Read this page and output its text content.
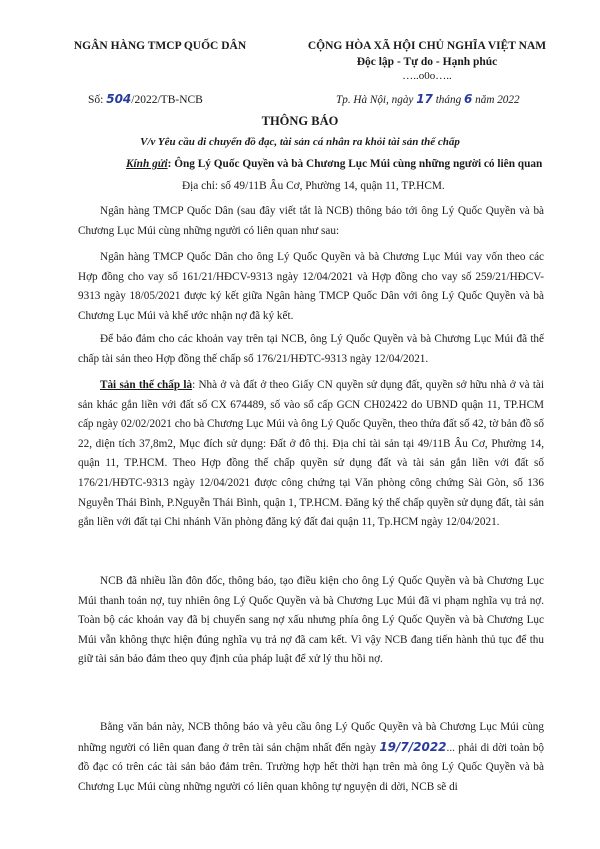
NGÂN HÀNG TMCP QUỐC DÂN	CỘNG HÒA XÃ HỘI CHỦ NGHĨA VIỆT NAM
Độc lập - Tự do - Hạnh phúc
…..o0o…..
Số: 504/2022/TB-NCB	Tp. Hà Nội, ngày 17 tháng 6 năm 2022
THÔNG BÁO
V/v Yêu cầu di chuyển đồ đạc, tài sản cá nhân ra khỏi tài sản thế chấp
Kính gửi: Ông Lý Quốc Quyền và bà Chương Lục Múi cùng những người có liên quan
Địa chỉ: số 49/11B Âu Cơ, Phường 14, quận 11, TP.HCM.
Ngân hàng TMCP Quốc Dân (sau đây viết tắt là NCB) thông báo tới ông Lý Quốc Quyền và bà Chương Lục Múi cùng những người có liên quan như sau:
Ngân hàng TMCP Quốc Dân cho ông Lý Quốc Quyền và bà Chương Lục Múi vay vốn theo các Hợp đồng cho vay số 161/21/HĐCV-9313 ngày 12/04/2021 và Hợp đồng cho vay số 259/21/HĐCV-9313 ngày 18/05/2021 được ký kết giữa Ngân hàng TMCP Quốc Dân với ông Lý Quốc Quyền và bà Chương Lục Múi và khế ước nhận nợ đã ký kết.
Để bảo đảm cho các khoản vay trên tại NCB, ông Lý Quốc Quyền và bà Chương Lục Múi đã thế chấp tài sản theo Hợp đồng thế chấp số 176/21/HĐTC-9313 ngày 12/04/2021.
Tài sản thế chấp là: Nhà ở và đất ở theo Giấy CN quyền sử dụng đất, quyền sở hữu nhà ở và tài sản khác gắn liền với đất số CX 674489, số vào sổ cấp GCN CH02422 do UBND quận 11, TP.HCM cấp ngày 02/02/2021 cho bà Chương Lục Múi và ông Lý Quốc Quyền, theo thửa đất số 42, tờ bản đồ số 22, diện tích 37,8m2, Mục đích sử dụng: Đất ở đô thị. Địa chỉ tài sản tại 49/11B Âu Cơ, Phường 14, quận 11, TP.HCM. Theo Hợp đồng thế chấp quyền sử dụng đất và tài sản gắn liền với đất số 176/21/HĐTC-9313 ngày 12/04/2021 được công chứng tại Văn phòng công chứng Sài Gòn, số 136 Nguyễn Thái Bình, P.Nguyễn Thái Bình, quận 1, TP.HCM. Đăng ký thế chấp quyền sử dụng đất, tài sản gắn liền với đất tại Chi nhánh Văn phòng đăng ký đất đai quận 11, Tp.HCM ngày 12/04/2021.
NCB đã nhiều lần đôn đốc, thông báo, tạo điều kiện cho ông Lý Quốc Quyền và bà Chương Lục Múi thanh toán nợ, tuy nhiên ông Lý Quốc Quyền và bà Chương Lục Múi đã vi phạm nghĩa vụ trả nợ. Toàn bộ các khoản vay đã bị chuyển sang nợ xấu nhưng phía ông Lý Quốc Quyền và bà Chương Lục Múi vẫn không thực hiện đúng nghĩa vụ trả nợ đã cam kết. Vì vậy NCB đang tiến hành thủ tục để thu giữ tài sản bảo đảm theo quy định của pháp luật để xử lý thu hồi nợ.
Bằng văn bản này, NCB thông báo và yêu cầu ông Lý Quốc Quyền và bà Chương Lục Múi cùng những người có liên quan đang ở trên tài sản chậm nhất đến ngày 19/7/2022... phải di dời toàn bộ đồ đạc có trên các tài sản bảo đảm trên. Trường hợp hết thời hạn trên mà ông Lý Quốc Quyền và bà Chương Lục Múi cùng những người có liên quan không tự nguyện di dời, NCB sẽ di
